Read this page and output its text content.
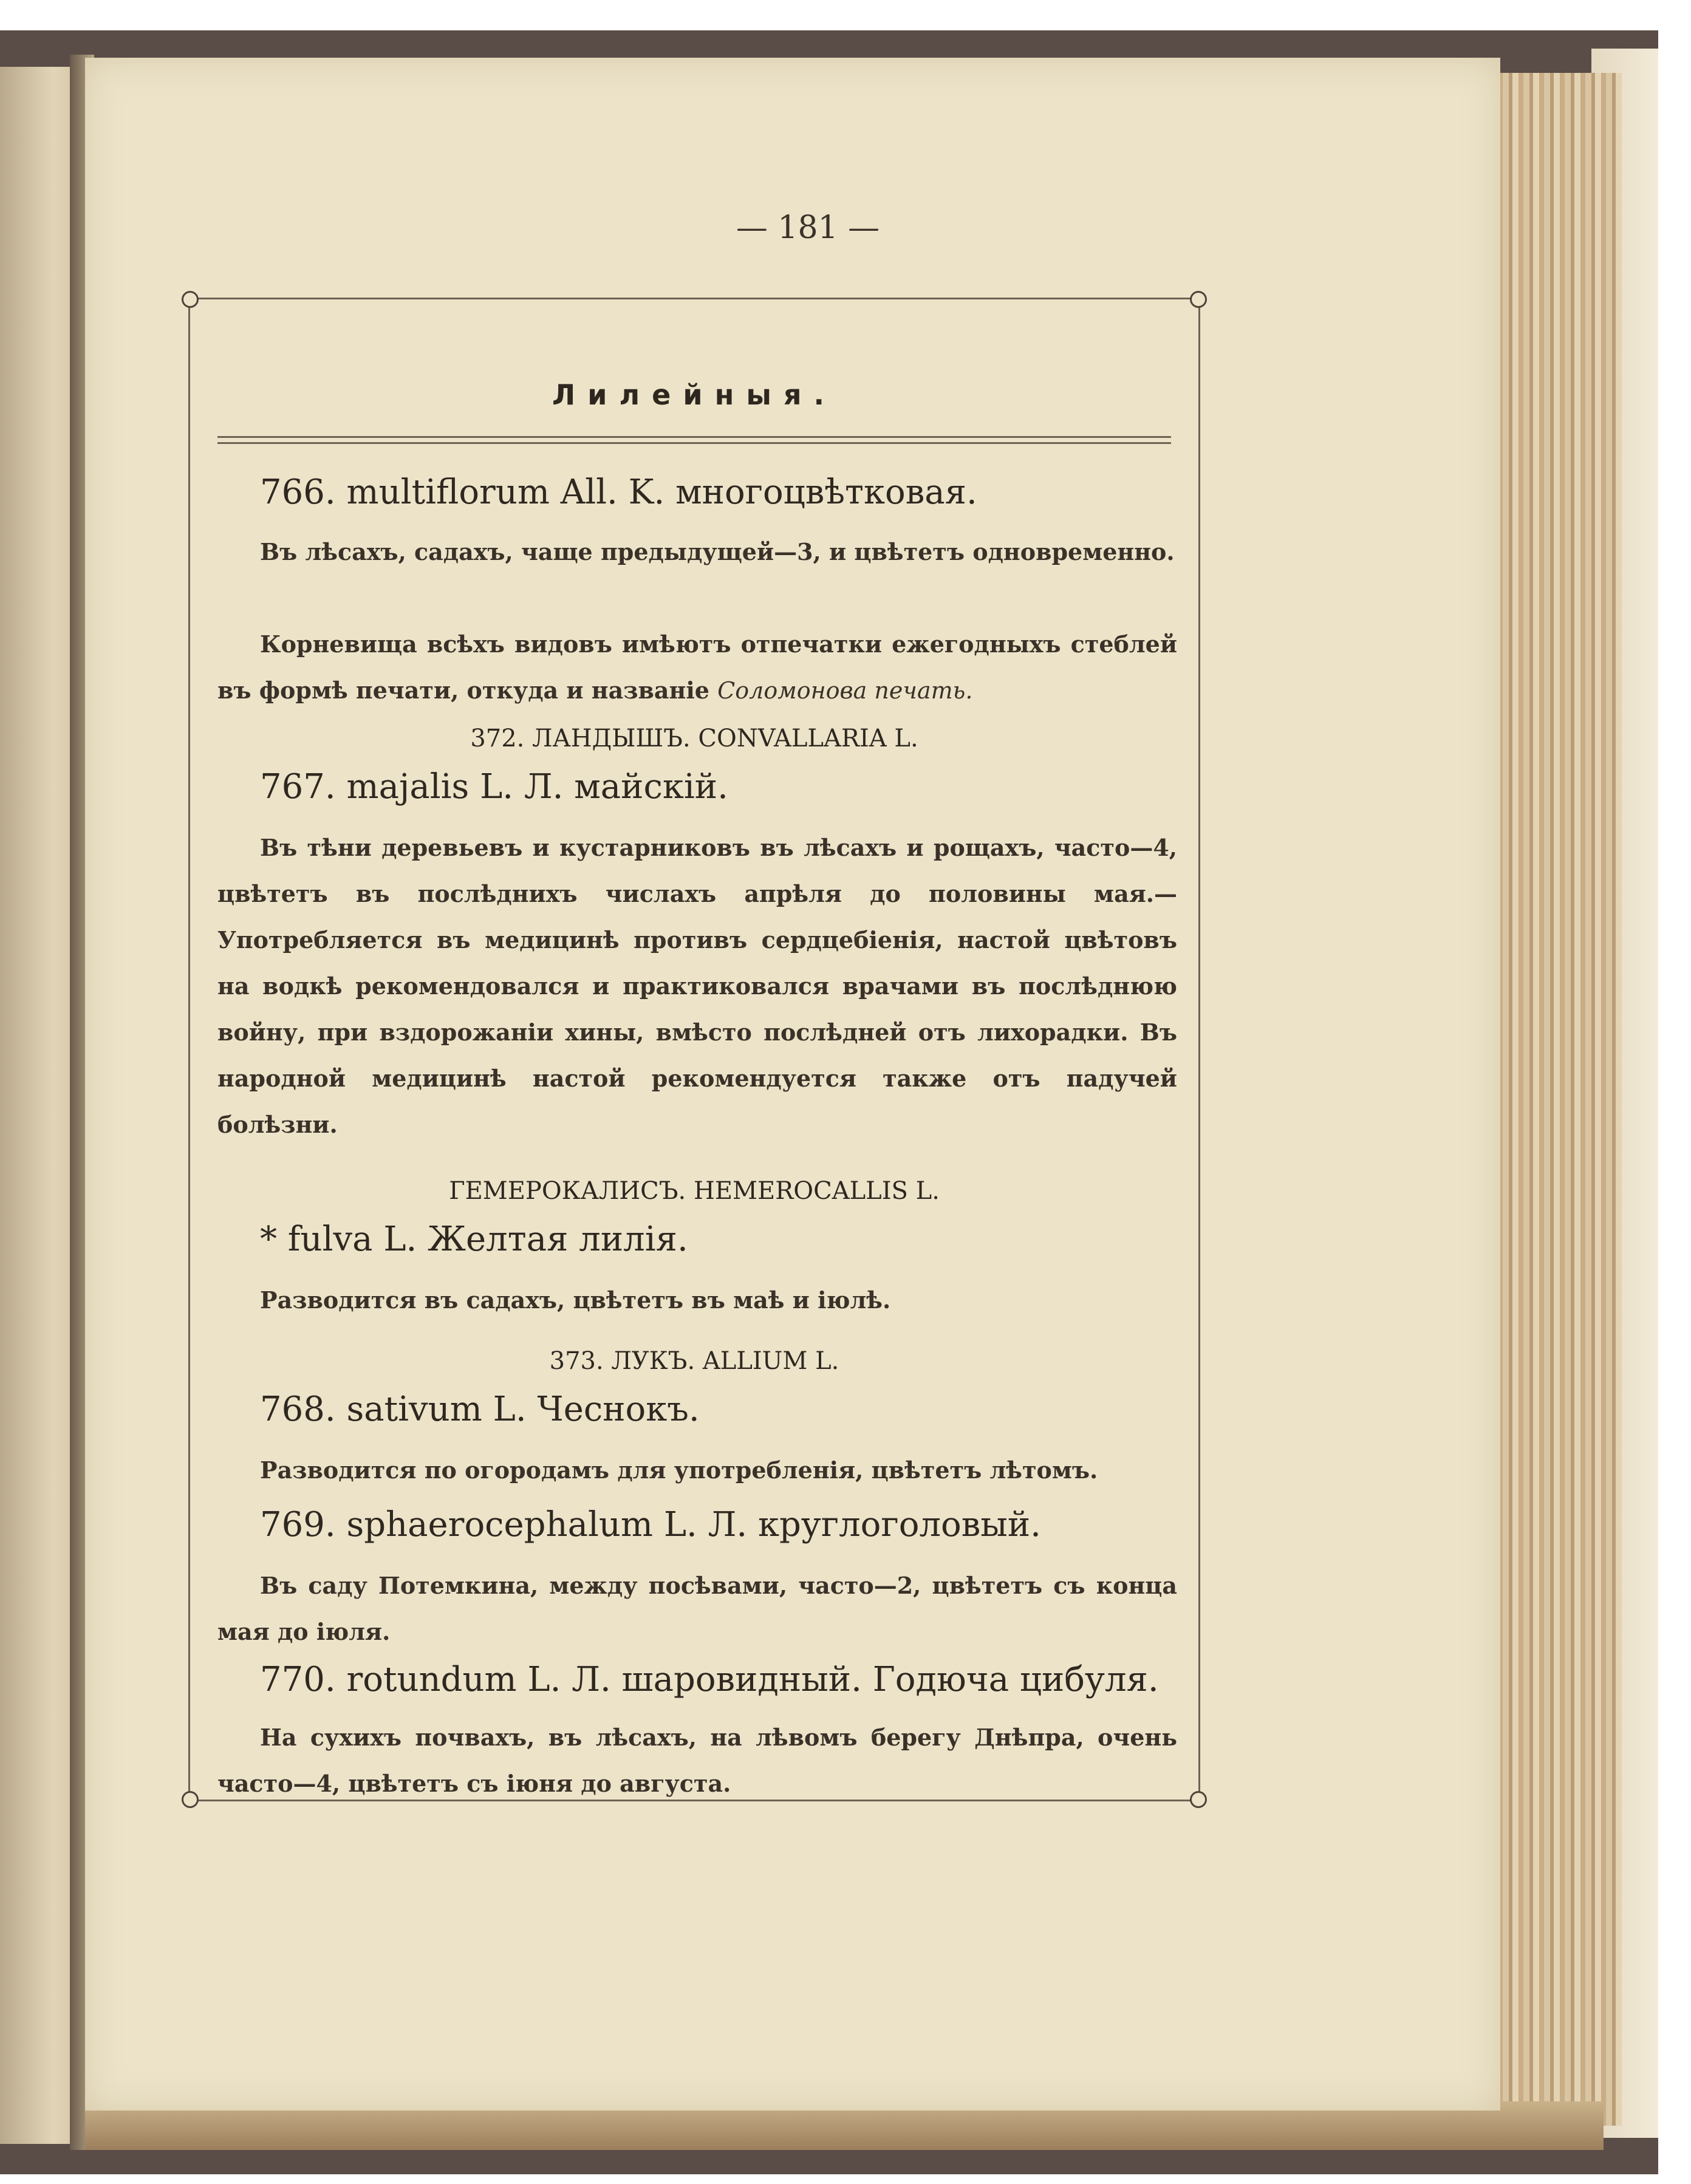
— 181 —
Лилейныя.

766. multiflorum All. K. многоцвѣтковая.

Въ лѣсахъ, садахъ, чаще предыдущей—3, и цвѣтетъ одновременно.

Корневища всѣхъ видовъ имѣютъ отпечатки ежегодныхъ стеблей въ формѣ печати, откуда и названіе Соломонова печать.

372. ЛАНДЫШЪ. CONVALLARIA L.

767. majalis L. Л. майскій.

Въ тѣни деревьевъ и кустарниковъ въ лѣсахъ и рощахъ, часто—4, цвѣтетъ въ послѣднихъ числахъ апрѣля до половины мая.—Употребляется въ медицинѣ противъ сердцебіенія, настой цвѣтовъ на водкѣ рекомендовался и практиковался врачами въ послѣднюю войну, при вздорожаніи хины, вмѣсто послѣдней отъ лихорадки. Въ народной медицинѣ настой рекомендуется также отъ падучей болѣзни.

ГЕМЕРОКАЛИСЪ. HEMEROCALLIS L.

* fulva L. Желтая лилія.

Разводится въ садахъ, цвѣтетъ въ маѣ и іюлѣ.

373. ЛУКЪ. ALLIUM L.

768. sativum L. Чеснокъ.

Разводится по огородамъ для употребленія, цвѣтетъ лѣтомъ.

769. sphaerocephalum L. Л. круглоголовый.

Въ саду Потемкина, между посѣвами, часто—2, цвѣтетъ съ конца мая до іюля.

770. rotundum L. Л. шаровидный. Годюча цибуля.

На сухихъ почвахъ, въ лѣсахъ, на лѣвомъ берегу Днѣпра, очень часто—4, цвѣтетъ съ іюня до августа.
